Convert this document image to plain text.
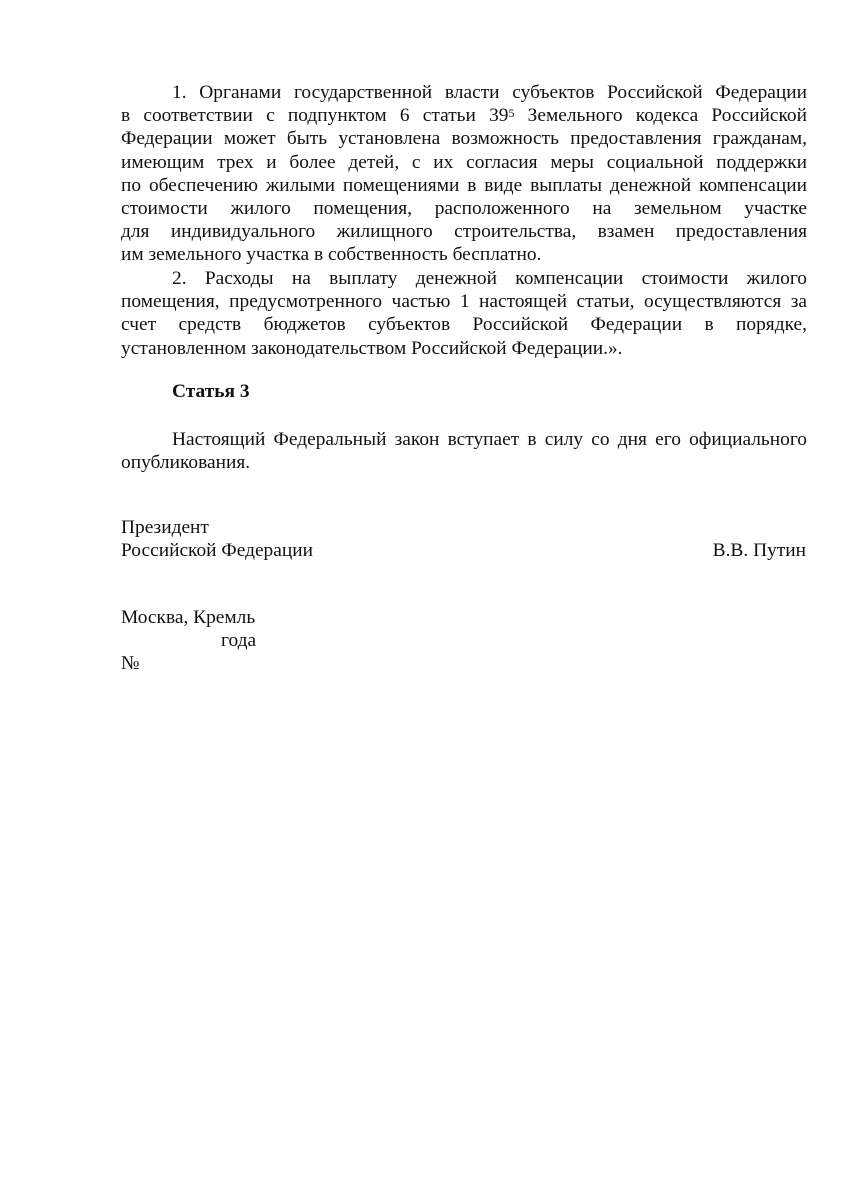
1. Органами государственной власти субъектов Российской Федерации
в соответствии с подпунктом 6 статьи $39^5$ Земельного кодекса Российской
Федерации может быть установлена возможность предоставления гражданам,
имеющим трех и более детей, с их согласия меры социальной поддержки
по обеспечению жилыми помещениями в виде выплаты денежной компенсации
стоимости жилого помещения, расположенного на земельном участке
для индивидуального жилищного строительства, взамен предоставления
им земельного участка в собственность бесплатно.
2. Расходы на выплату денежной компенсации стоимости жилого
помещения, предусмотренного частью 1 настоящей статьи, осуществляются за
счет средств бюджетов субъектов Российской Федерации в порядке,
установленном законодательством Российской Федерации.».
Статья 3
Настоящий Федеральный закон вступает в силу со дня его официального
опубликования.
Президент
Российской Федерации	В.В. Путин
Москва, Кремль
года
№
